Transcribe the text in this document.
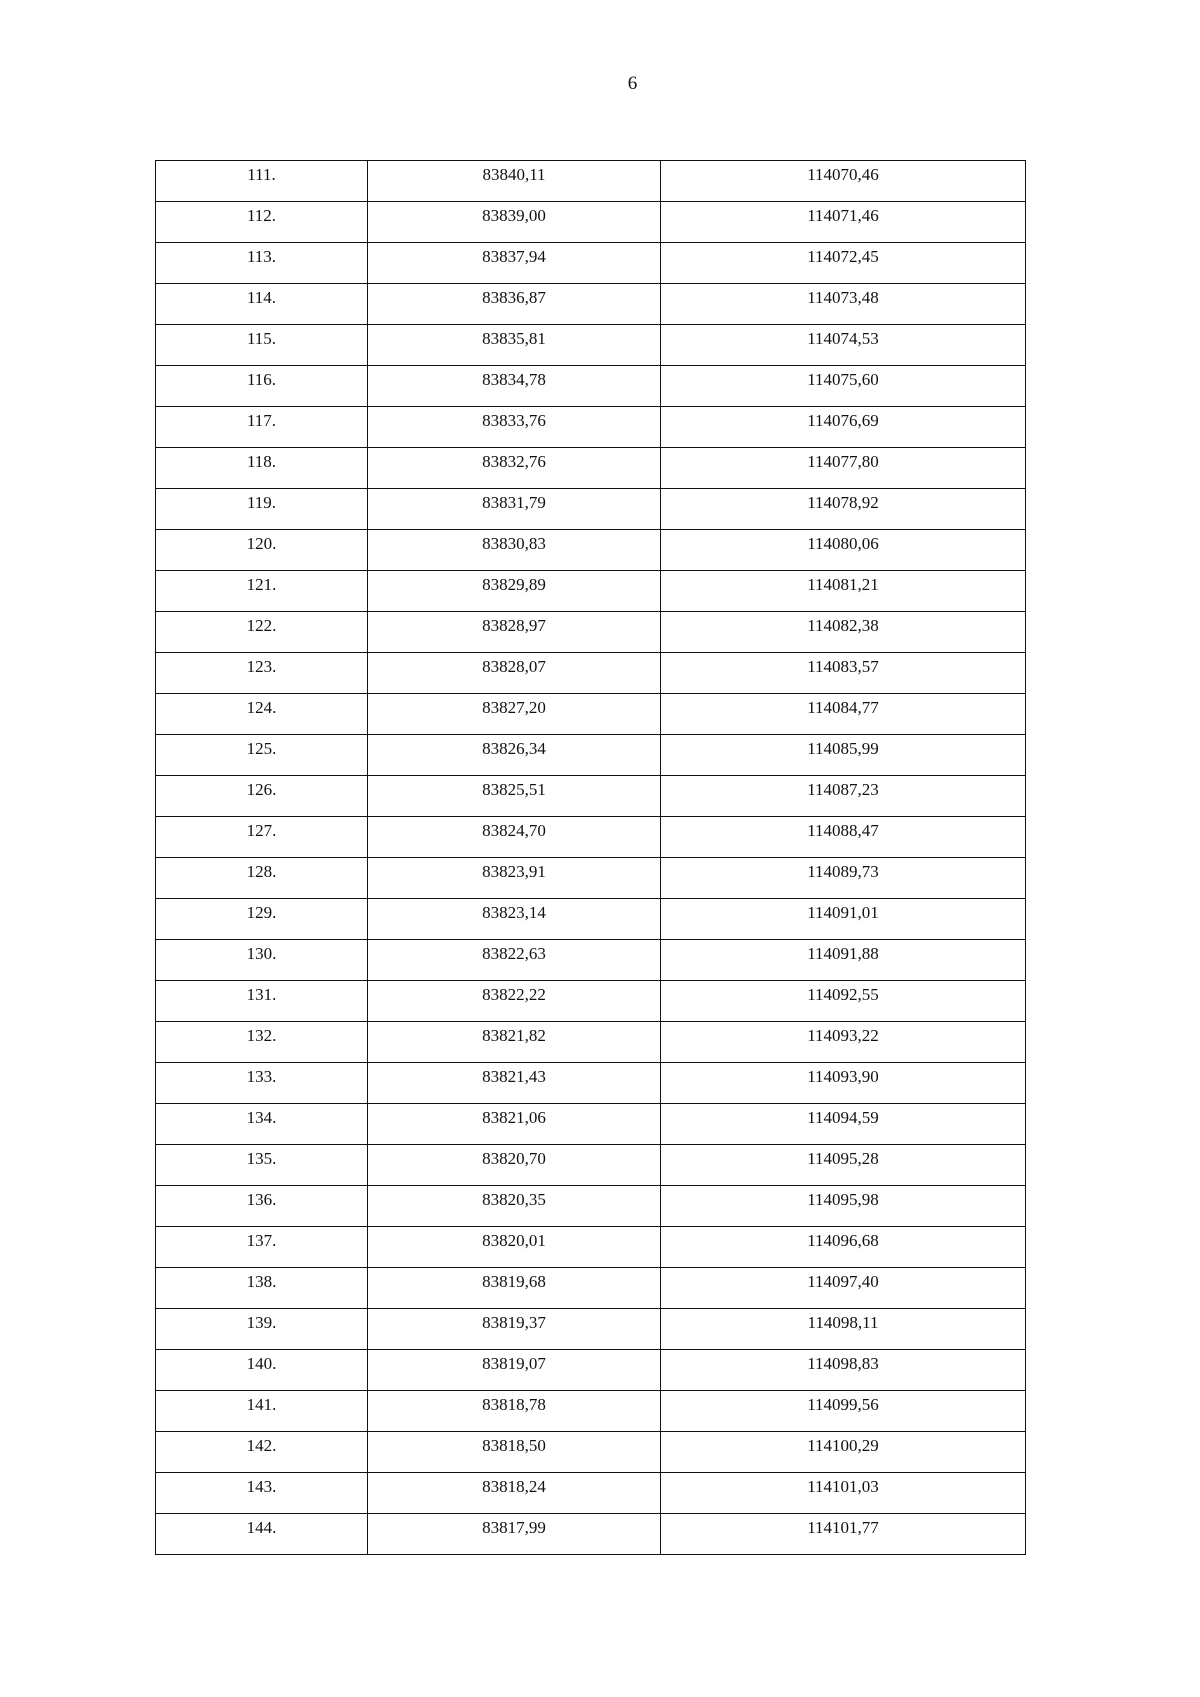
6
111.	83840,11	114070,46
112.	83839,00	114071,46
113.	83837,94	114072,45
114.	83836,87	114073,48
115.	83835,81	114074,53
116.	83834,78	114075,60
117.	83833,76	114076,69
118.	83832,76	114077,80
119.	83831,79	114078,92
120.	83830,83	114080,06
121.	83829,89	114081,21
122.	83828,97	114082,38
123.	83828,07	114083,57
124.	83827,20	114084,77
125.	83826,34	114085,99
126.	83825,51	114087,23
127.	83824,70	114088,47
128.	83823,91	114089,73
129.	83823,14	114091,01
130.	83822,63	114091,88
131.	83822,22	114092,55
132.	83821,82	114093,22
133.	83821,43	114093,90
134.	83821,06	114094,59
135.	83820,70	114095,28
136.	83820,35	114095,98
137.	83820,01	114096,68
138.	83819,68	114097,40
139.	83819,37	114098,11
140.	83819,07	114098,83
141.	83818,78	114099,56
142.	83818,50	114100,29
143.	83818,24	114101,03
144.	83817,99	114101,77
